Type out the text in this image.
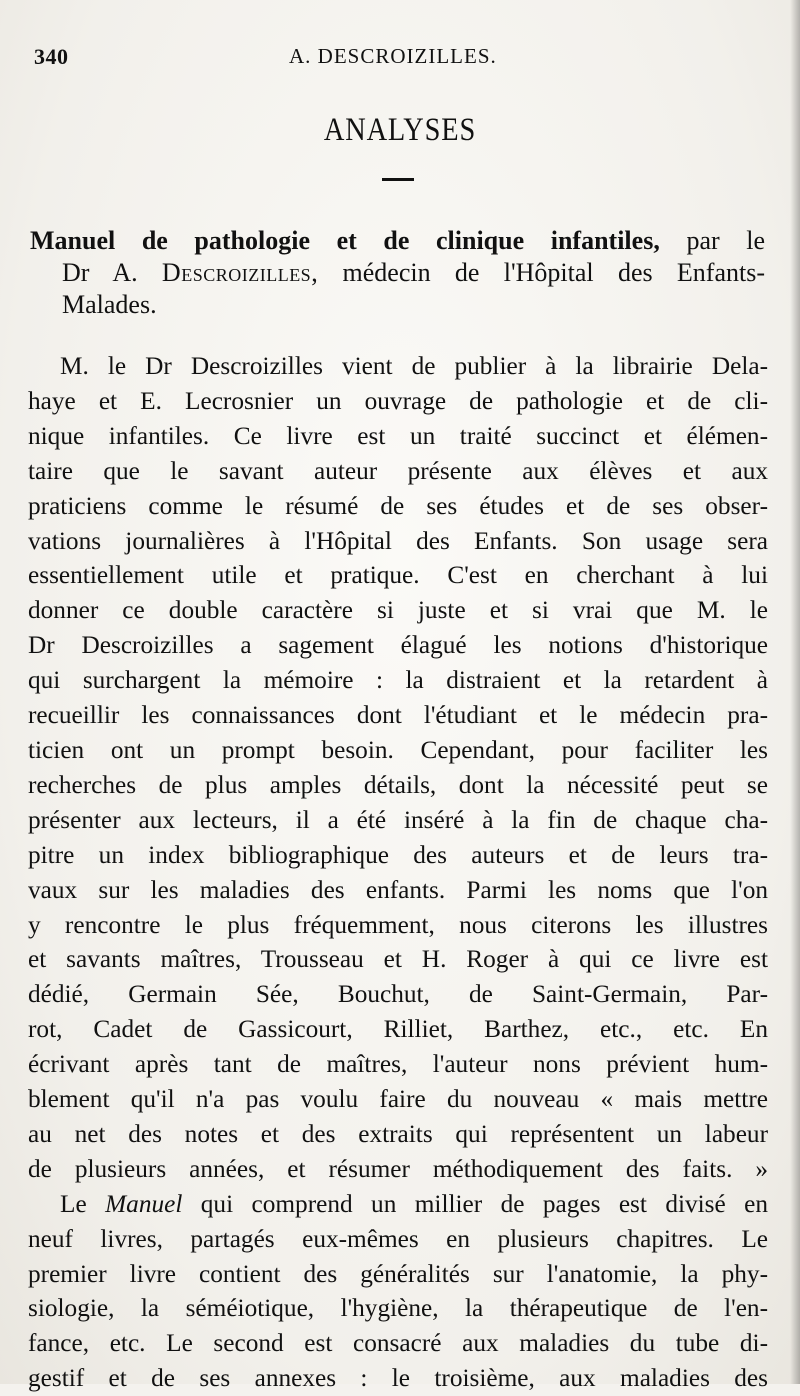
340	A. DESCROIZILLES.
ANALYSES
Manuel de pathologie et de clinique infantiles, par le
Dr A. Descroizilles, médecin de l'Hôpital des Enfants-
Malades.
M. le Dr Descroizilles vient de publier à la librairie Dela-
haye et E. Lecrosnier un ouvrage de pathologie et de cli-
nique infantiles. Ce livre est un traité succinct et élémen-
taire que le savant auteur présente aux élèves et aux
praticiens comme le résumé de ses études et de ses obser-
vations journalières à l'Hôpital des Enfants. Son usage sera
essentiellement utile et pratique. C'est en cherchant à lui
donner ce double caractère si juste et si vrai que M. le
Dr Descroizilles a sagement élagué les notions d'historique
qui surchargent la mémoire : la distraient et la retardent à
recueillir les connaissances dont l'étudiant et le médecin pra-
ticien ont un prompt besoin. Cependant, pour faciliter les
recherches de plus amples détails, dont la nécessité peut se
présenter aux lecteurs, il a été inséré à la fin de chaque cha-
pitre un index bibliographique des auteurs et de leurs tra-
vaux sur les maladies des enfants. Parmi les noms que l'on
y rencontre le plus fréquemment, nous citerons les illustres
et savants maîtres, Trousseau et H. Roger à qui ce livre est
dédié, Germain Sée, Bouchut, de Saint-Germain, Par-
rot, Cadet de Gassicourt, Rilliet, Barthez, etc., etc. En
écrivant après tant de maîtres, l'auteur nons prévient hum-
blement qu'il n'a pas voulu faire du nouveau « mais mettre
au net des notes et des extraits qui représentent un labeur
de plusieurs années, et résumer méthodiquement des faits. »
Le Manuel qui comprend un millier de pages est divisé en
neuf livres, partagés eux-mêmes en plusieurs chapitres. Le
premier livre contient des généralités sur l'anatomie, la phy-
siologie, la séméiotique, l'hygiène, la thérapeutique de l'en-
fance, etc. Le second est consacré aux maladies du tube di-
gestif et de ses annexes : le troisième, aux maladies des
